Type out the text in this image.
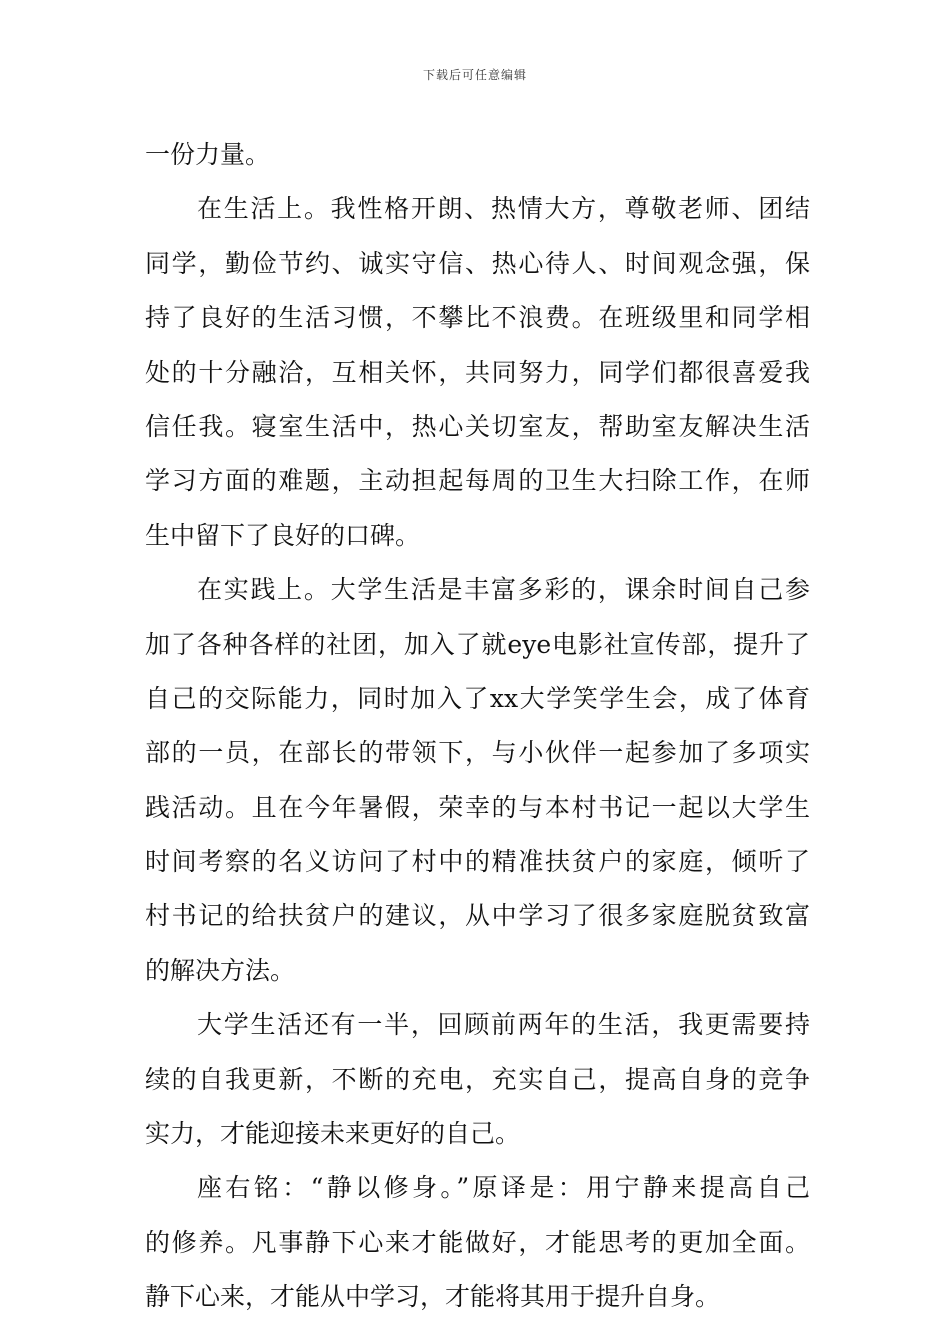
下载后可任意编辑
一份力量。
在生活上。我性格开朗、热情大方，尊敬老师、团结
同学，勤俭节约、诚实守信、热心待人、时间观念强，保
持了良好的生活习惯，不攀比不浪费。在班级里和同学相
处的十分融洽，互相关怀，共同努力，同学们都很喜爱我
信任我。寝室生活中，热心关切室友，帮助室友解决生活
学习方面的难题，主动担起每周的卫生大扫除工作，在师
生中留下了良好的口碑。
在实践上。大学生活是丰富多彩的，课余时间自己参
加了各种各样的社团，加入了就eye电影社宣传部，提升了
自己的交际能力，同时加入了xx大学笑学生会，成了体育
部的一员，在部长的带领下，与小伙伴一起参加了多项实
践活动。且在今年暑假，荣幸的与本村书记一起以大学生
时间考察的名义访问了村中的精准扶贫户的家庭，倾听了
村书记的给扶贫户的建议，从中学习了很多家庭脱贫致富
的解决方法。
大学生活还有一半，回顾前两年的生活，我更需要持
续的自我更新，不断的充电，充实自己，提高自身的竞争
实力，才能迎接未来更好的自己。
座右铭：“静以修身。”原译是：用宁静来提高自己
的修养。凡事静下心来才能做好，才能思考的更加全面。
静下心来，才能从中学习，才能将其用于提升自身。
